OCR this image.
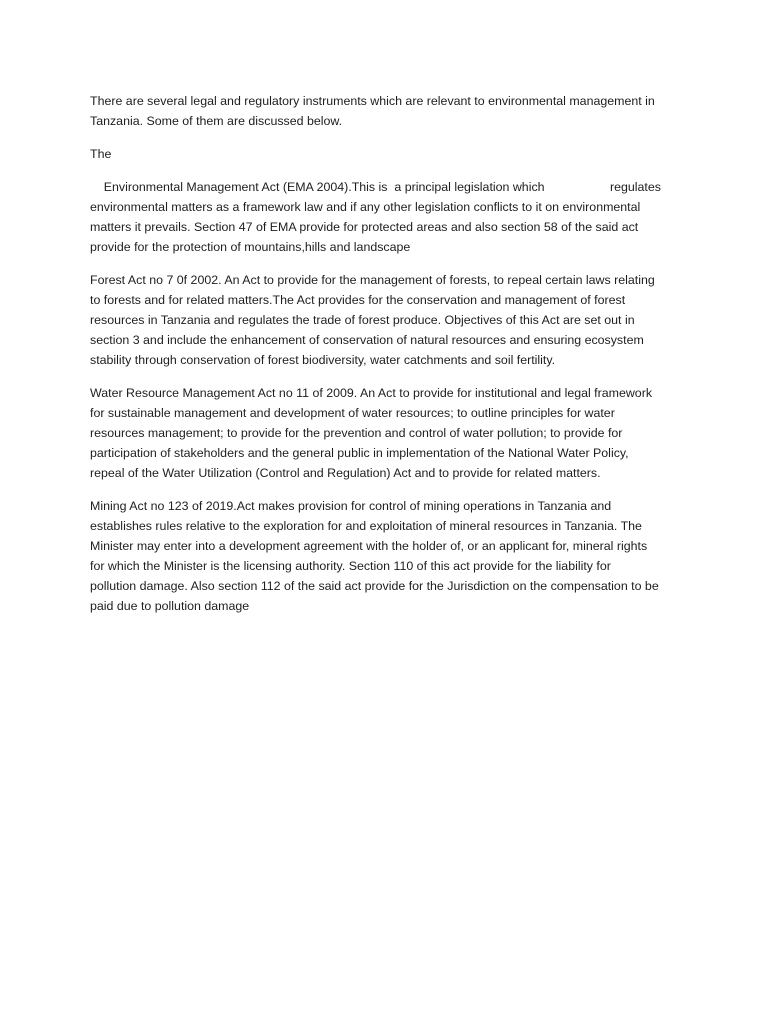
There are several legal and regulatory instruments which are relevant to environmental management in
Tanzania. Some of them are discussed below.

The

Environmental Management Act (EMA 2004).This is  a principal legislation which                   regulates
environmental matters as a framework law and if any other legislation conflicts to it on environmental
matters it prevails. Section 47 of EMA provide for protected areas and also section 58 of the said act
provide for the protection of mountains,hills and landscape

Forest Act no 7 0f 2002. An Act to provide for the management of forests, to repeal certain laws relating
to forests and for related matters.The Act provides for the conservation and management of forest
resources in Tanzania and regulates the trade of forest produce. Objectives of this Act are set out in
section 3 and include the enhancement of conservation of natural resources and ensuring ecosystem
stability through conservation of forest biodiversity, water catchments and soil fertility.

Water Resource Management Act no 11 of 2009. An Act to provide for institutional and legal framework
for sustainable management and development of water resources; to outline principles for water
resources management; to provide for the prevention and control of water pollution; to provide for
participation of stakeholders and the general public in implementation of the National Water Policy,
repeal of the Water Utilization (Control and Regulation) Act and to provide for related matters.

Mining Act no 123 of 2019.Act makes provision for control of mining operations in Tanzania and
establishes rules relative to the exploration for and exploitation of mineral resources in Tanzania. The
Minister may enter into a development agreement with the holder of, or an applicant for, mineral rights
for which the Minister is the licensing authority. Section 110 of this act provide for the liability for
pollution damage. Also section 112 of the said act provide for the Jurisdiction on the compensation to be
paid due to pollution damage
